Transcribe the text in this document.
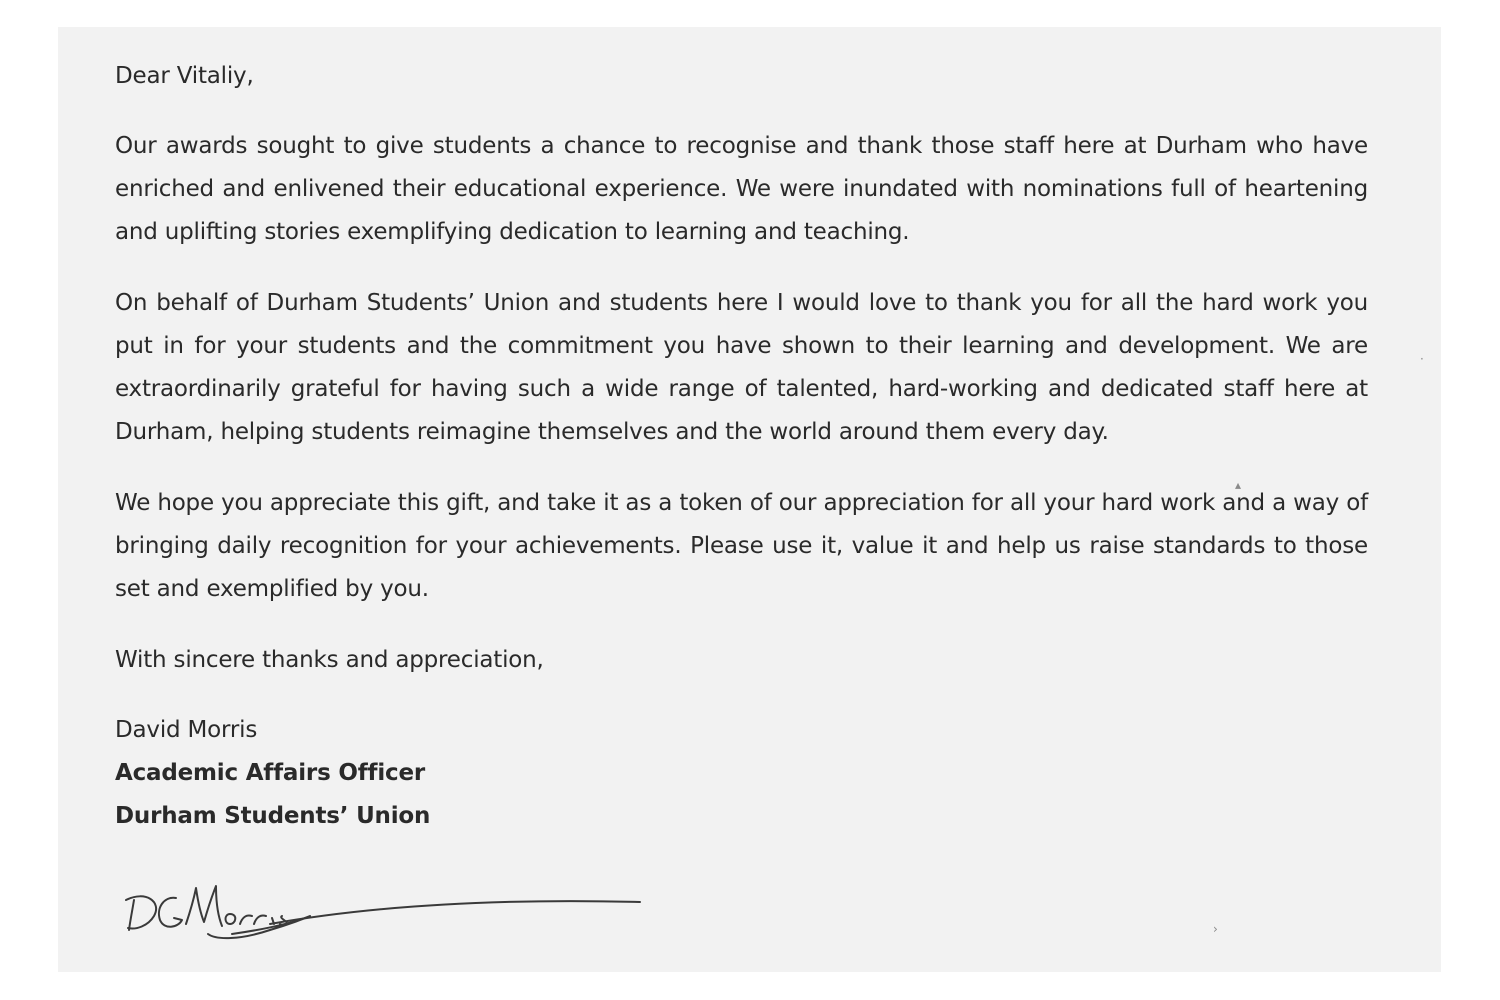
Dear Vitaliy,

Our awards sought to give students a chance to recognise and thank those staff here at Durham who have enriched and enlivened their educational experience. We were inundated with nominations full of heartening and uplifting stories exemplifying dedication to learning and teaching.

On behalf of Durham Students’ Union and students here I would love to thank you for all the hard work you put in for your students and the commitment you have shown to their learning and development. We are extraordinarily grateful for having such a wide range of talented, hard-working and dedicated staff here at Durham, helping students reimagine themselves and the world around them every day.

We hope you appreciate this gift, and take it as a token of our appreciation for all your hard work and a way of bringing daily recognition for your achievements. Please use it, value it and help us raise standards to those set and exemplified by you.

With sincere thanks and appreciation,

David Morris
Academic Affairs Officer
Durham Students’ Union
▴
›
·
